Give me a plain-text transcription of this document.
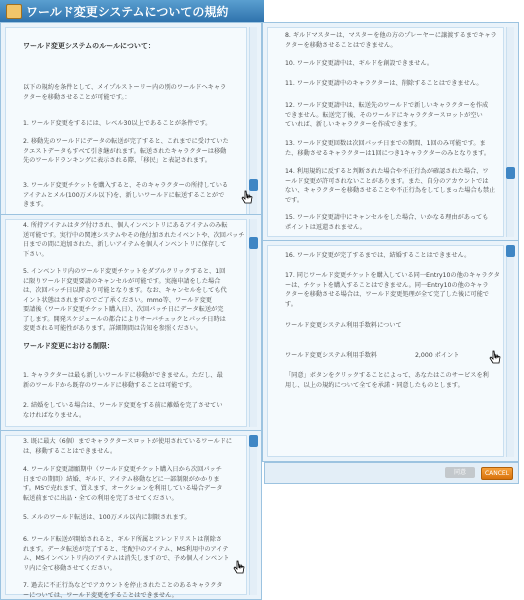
ワールド変更システムについての規約
ワールド変更システムのルールについて：

以下の規約を条件として、メイプルストーリー内の別のワールドへキャラ
クターを移動させることが可能です。：

1. ワールド変更をするには、レベル30以上であることが条件です。

2. 移動先のワールドにデータの転送が完了すると、これまでに受けていた
クエストデータもすべて引き継がれます。転送されたキャラクターは移動
先のワールドランキングに表示される際、「移民」と表記されます。

3. ワールド変更チケットを購入すると、そのキャラクターの所持している
アイテムとメル(100万メル以下)を、新しいワールドに転送することがで
きます。

4. 所持アイテムはタグ付けされ、個人インベントリにあるアイテムのみ転
送可能です。実行中の関連システムやその他付加されたイベントや、次回パッチ
日までの間に追加された、新しいアイテムを個人インベントリに保存して
下さい。

5. インベントリ内のワールド変更チケットをダブルクリックすると、1回
に限りワールド変更要請のキャンセルが可能です。実施申請をした場合
は、次回パッチ日以降より可能となります。なお、キャンセルをしても代
イント状態はされますのでご了承ください。mmo等、ワールド変更
要請後（ワールド変更チケット購入日）、次回パッチ日にデータ転送が完
了します。開発スケジュールの都合によりサーバチェックとパッチ日時は
変更される可能性があります。詳細期間は告知を参照ください。

ワールド変更における制限：

1. キャラクターは最も新しいワールドに移動ができません。ただし、最
新のワールドから既存のワールドに移動することは可能です。

2. 結婚をしている場合は、ワールド変更をする前に離婚を完了させてい
なければなりません。

3. 既に最大（6個）までキャラクタースロットが使用されているワールドに
は、移動することはできません。

4. ワールド変更請願期中（ワールド変更チケット購入日から次回パッチ
日までの期間）結婚、ギルド、アイテム移動などに一部制限がかかりま
す。MSで売れます、買えます、オークションを利用している場合データ
転送前までに出品・全ての利用を完了させてください。

5. メルのワールド転送は、100万メル以内に制限されます。

6. ワールド転送が開始されると、ギルド所属とフレンドリストは削除さ
れます。データ転送が完了すると、宅配中のアイテム、MS利用中のアイテ
ム、MSインベントリ内のアイテムは消失しますので、予め個人インベント
リ内に全て移動させてください。

7. 過去に不正行為などでアカウントを停止されたことのあるキャラクタ
ーについては、ワールド変更をすることはできません。

8. ギルドマスターは、マスターを他の方のプレーヤーに譲渡するまでキャラ
クターを移動させることはできません。

10. ワールド変更請中は、ギルドを創設できません。

11. ワールド変更請中のキャラクターは、削除することはできません。

12. ワールド変更請中は、転送先のワールドで新しいキャラクターを作成
できません。転送完了後、そのワールドにキャラクタースロットが空い
ていれば、新しいキャラクターを作成できます。

13. ワールド変更回数は次回パッチ日までの期間、1回のみ可能です。ま
た、移動させるキャラクターは1回につき1キャラクターのみとなります。

14. 利用規約に反すると判断された場合や不正行為が確認された場合、ワ
ールド変更が許可されないことがあります。また、自分のアカウントでは
ない、キャラクターを移動させることや不正行為をしてしまった場合も禁止
です。

15. ワールド変更請中にキャンセルをした場合、いかなる理由があっても
ポイントは返還されません。

16. ワールド変更が完了するまでは、結婚することはできません。

17. 同じワールド変更チケットを購入している同一Entry10の他のキャラクタ
ーは、チケットを購入することはできません。同一Entry10の他のキャラ
クターを移動させる場合は、ワールド変更処理が全て完了した後に可能で
す。

ワールド変更システム利用手数料について
ワールド変更システム利用手数料	2,000 ポイント

「同意」ボタンをクリックすることによって、あなたはこのサービスを利
用し、以上の規約について全てを承諾・同意したものとします。

同意	CANCEL
